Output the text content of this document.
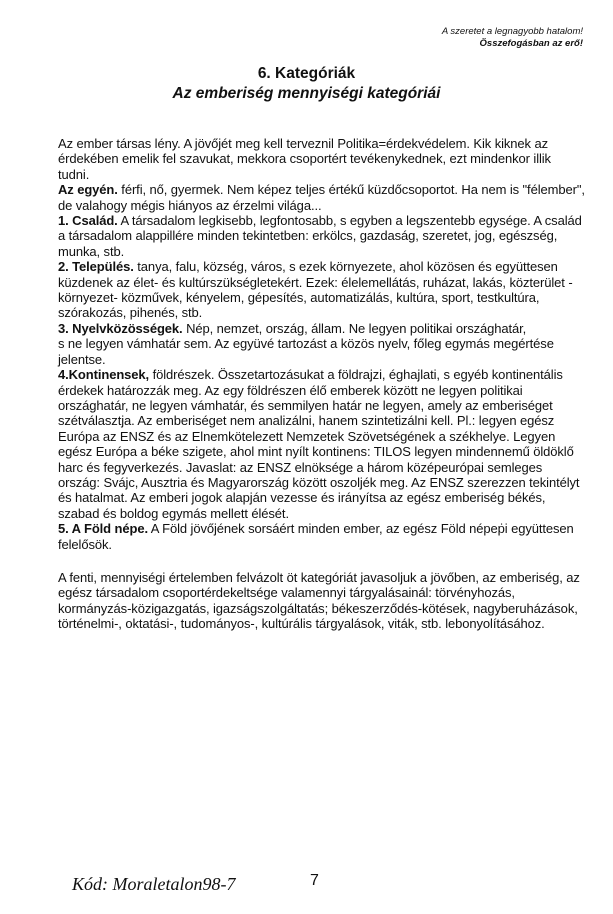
A szeretet a legnagyobb hatalom!
Összefogásban az erő!
6. Kategóriák
Az emberiség mennyiségi kategóriái

Az ember társas lény. A jövőjét meg kell terveznil Politika=érdekvédelem. Kik kiknek az érdekében emelik fel szavukat, mekkora csoportért tevékenykednek, ezt mindenkor illik tudni.

Az egyén. férfi, nő, gyermek. Nem képez teljes értékű küzdőcsoportot. Ha nem is "félember", de valahogy mégis hiányos az érzelmi világa...

1. Család. A társadalom legkisebb, legfontosabb, s egyben a legszentebb egysége. A család a társadalom alappillére minden tekintetben: erkölcs, gazdaság, szeretet, jog, egészség, munka, stb.

2. Település. tanya, falu, község, város, s ezek környezete, ahol közösen és együttesen küzdenek az élet- és kultúrszükségletekért. Ezek: élelemellátás, ruházat, lakás, közterület -környezet- közművek, kényelem, gépesítés, automatizálás, kultúra, sport, testkultúra, szórakozás, pihenés, stb.

3. Nyelvközösségek. Nép, nemzet, ország, állam. Ne legyen politikai országhatár,

s ne legyen vámhatár sem. Az együvé tartozást a közös nyelv, főleg egymás megértése jelentse.

4.Kontinensek, földrészek. Összetartozásukat a földrajzi, éghajlati, s egyéb kontinentális érdekek határozzák meg. Az egy földrészen élő emberek között ne legyen politikai országhatár, ne legyen vámhatár, és semmilyen határ ne legyen, amely az emberiséget szétválasztja. Az emberiséget nem analizálni, hanem szintetizálni kell. Pl.: legyen egész Európa az ENSZ és az Elnemkötelezett Nemzetek Szövetségének a székhelye. Legyen egész Európa a béke szigete, ahol mint nyílt kontinens: TILOS legyen mindennemű öldöklő harc és fegyverkezés. Javaslat: az ENSZ elnöksége a három középeurópai semleges ország: Svájc, Ausztria és Magyarország között oszoljék meg. Az ENSZ szerezzen tekintélyt és hatalmat. Az emberi jogok alapján vezesse és irányítsa az egész emberiség békés, szabad és boldog egymás mellett élését.

5. A Föld népe. A Föld jövőjének sorsáért minden ember, az egész Föld népeṗi együttesen felelősök.

A fenti, mennyiségi értelemben felvázolt öt kategóriát javasoljuk a jövőben, az emberiség, az egész társadalom csoportérdekeltsége valamennyi tárgyalásainál: törvényhozás, kormányzás-közigazgatás, igazságszolgáltatás; békeszerződés-kötések, nagyberuházások, történelmi-, oktatási-, tudományos-, kultúrális tárgyalások, viták, stb. lebonyolításához.

Kód: Moraletalon98-7	7
